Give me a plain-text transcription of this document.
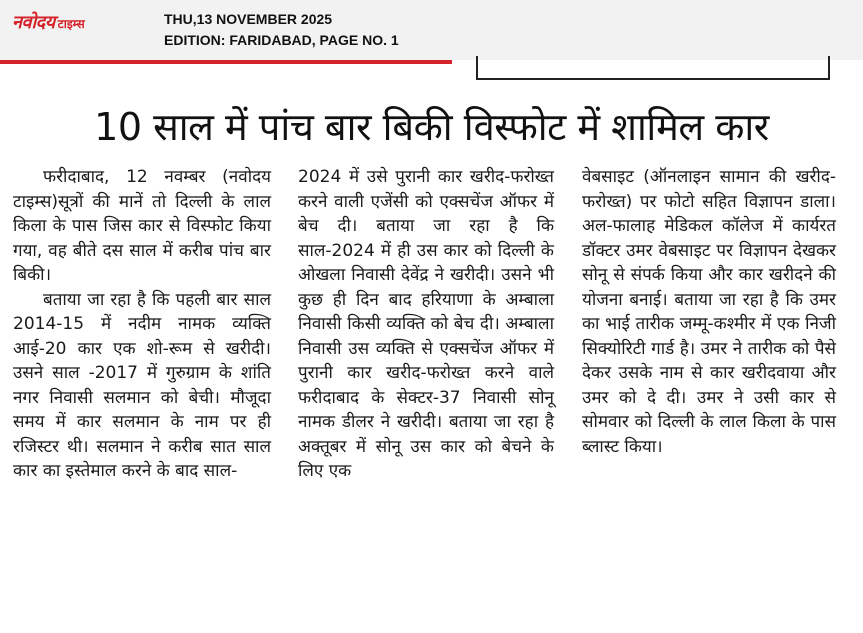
नवोदय टाइम्स	THU,13 NOVEMBER 2025
EDITION: FARIDABAD, PAGE NO. 1
10 साल में पांच बार बिकी विस्फोट में शामिल कार

फरीदाबाद, 12 नवम्बर (नवोदय टाइम्स)सूत्रों की मानें तो दिल्ली के लाल किला के पास जिस कार से विस्फोट किया गया, वह बीते दस साल में करीब पांच बार बिकी।

बताया जा रहा है कि पहली बार साल 2014-15 में नदीम नामक व्यक्ति आई-20 कार एक शो-रूम से खरीदी। उसने साल -2017 में गुरुग्राम के शांति नगर निवासी सलमान को बेची। मौजूदा समय में कार सलमान के नाम पर ही रजिस्टर थी। सलमान ने करीब सात साल कार का इस्तेमाल करने के बाद साल-

2024 में उसे पुरानी कार खरीद-फरोख्त करने वाली एजेंसी को एक्सचेंज ऑफर में बेच दी। बताया जा रहा है कि साल-2024 में ही उस कार को दिल्ली के ओखला निवासी देवेंद्र ने खरीदी। उसने भी कुछ ही दिन बाद हरियाणा के अम्बाला निवासी किसी व्यक्ति को बेच दी। अम्बाला निवासी उस व्यक्ति से एक्सचेंज ऑफर में पुरानी कार खरीद-फरोख्त करने वाले फरीदाबाद के सेक्टर-37 निवासी सोनू नामक डीलर ने खरीदी। बताया जा रहा है अक्तूबर में सोनू उस कार को बेचने के लिए एक

वेबसाइट (ऑनलाइन सामान की खरीद-फरोख्त) पर फोटो सहित विज्ञापन डाला। अल-फालाह मेडिकल कॉलेज में कार्यरत डॉक्टर उमर वेबसाइट पर विज्ञापन देखकर सोनू से संपर्क किया और कार खरीदने की योजना बनाई। बताया जा रहा है कि उमर का भाई तारीक जम्मू-कश्मीर में एक निजी सिक्योरिटी गार्ड है। उमर ने तारीक को पैसे देकर उसके नाम से कार खरीदवाया और उमर को दे दी। उमर ने उसी कार से सोमवार को दिल्ली के लाल किला के पास ब्लास्ट किया।
